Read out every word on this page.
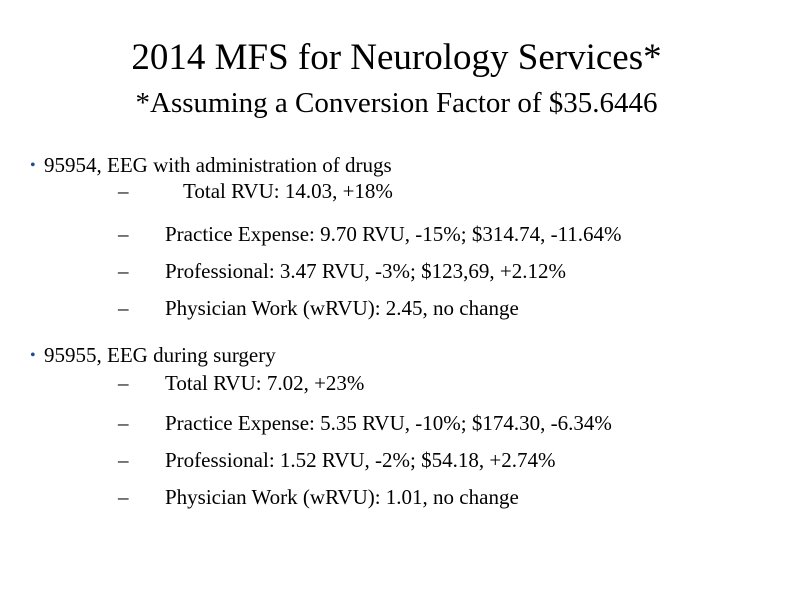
2014 MFS for Neurology Services*
*Assuming a Conversion Factor of $35.6446
• 95954, EEG with administration of drugs
–	Total RVU: 14.03, +18%
–	Practice Expense: 9.70 RVU, -15%; $314.74, -11.64%
–	Professional: 3.47 RVU, -3%; $123,69, +2.12%
–	Physician Work (wRVU): 2.45, no change
• 95955, EEG during surgery
–	Total RVU: 7.02, +23%
–	Practice Expense: 5.35 RVU, -10%; $174.30, -6.34%
–	Professional: 1.52 RVU, -2%; $54.18, +2.74%
–	Physician Work (wRVU): 1.01, no change
